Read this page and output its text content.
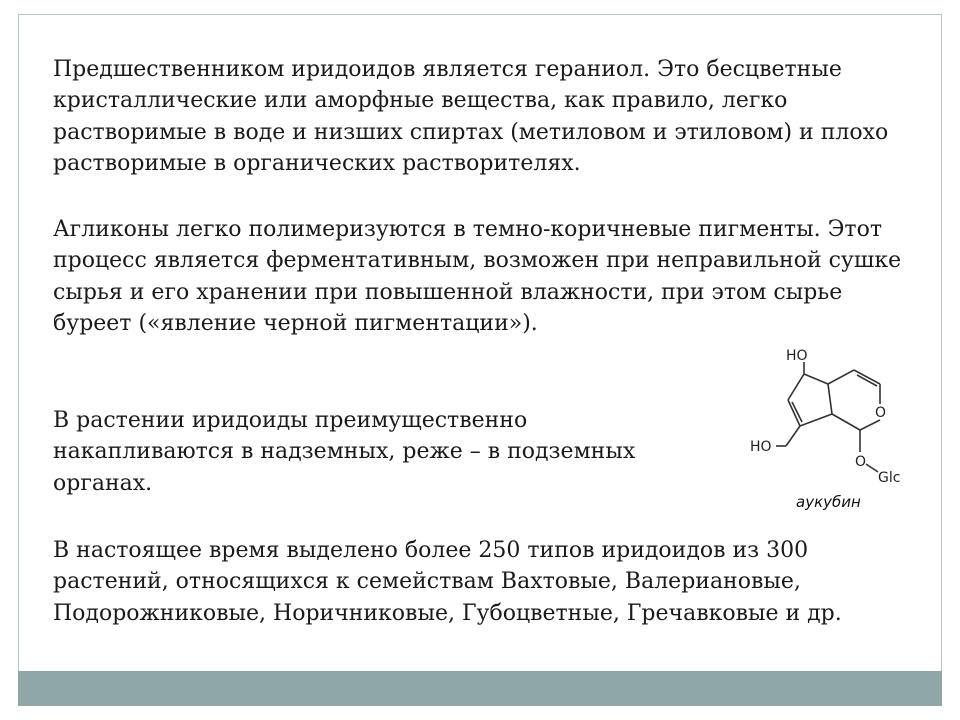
Предшественником иридоидов является гераниол. Это бесцветные кристаллические или аморфные вещества, как правило, легко растворимые в воде и низших спиртах (метиловом и этиловом) и плохо растворимые в органических растворителях.

Агликоны легко полимеризуются в темно-коричневые пигменты. Этот процесс является ферментативным, возможен при неправильной сушке сырья и его хранении при повышенной влажности, при этом сырье буреет («явление черной пигментации»).

В растении иридоиды преимущественно накапливаются в надземных, реже – в подземных органах.

В настоящее время выделено более 250 типов иридоидов из 300 растений, относящихся к семействам Вахтовые, Валериановые, Подорожниковые, Норичниковые, Губоцветные, Гречавковые и др.

HO
O
HO
O
Glc
аукубин
